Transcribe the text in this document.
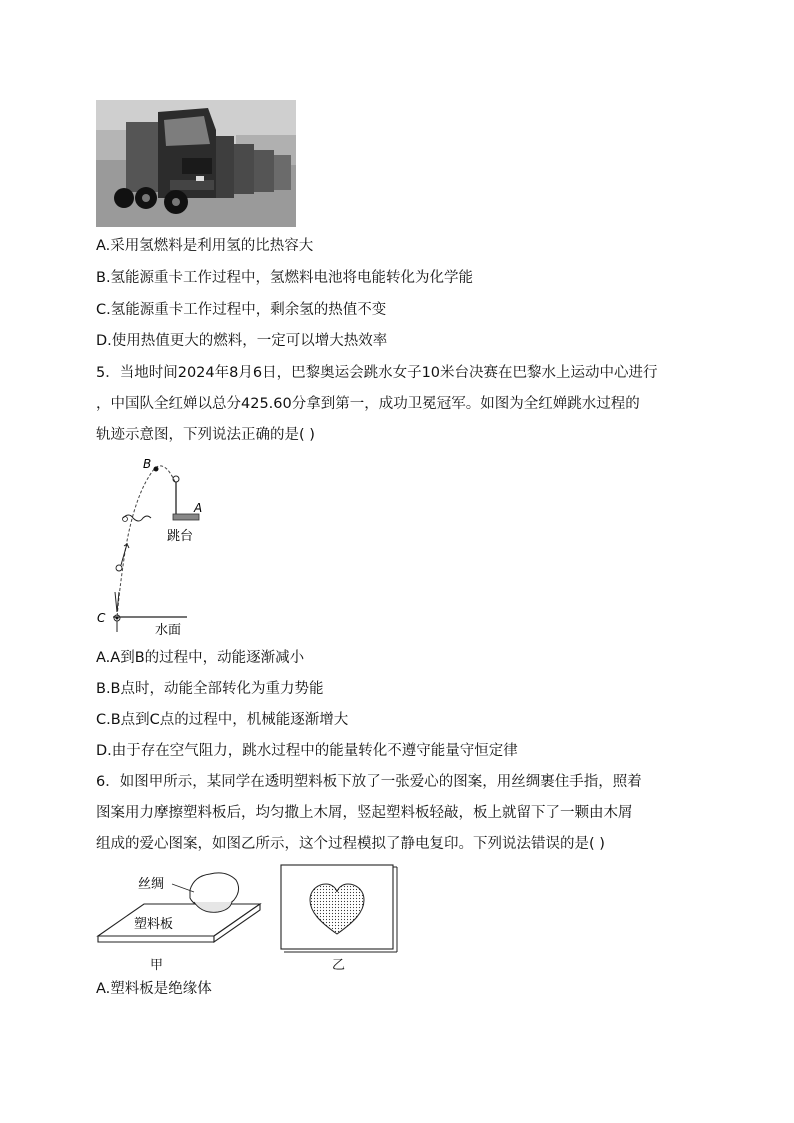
A.采用氢燃料是利用氢的比热容大
B.氢能源重卡工作过程中，氢燃料电池将电能转化为化学能
C.氢能源重卡工作过程中，剩余氢的热值不变
D.使用热值更大的燃料，一定可以增大热效率
5．当地时间2024年8月6日，巴黎奥运会跳水女子10米台决赛在巴黎水上运动中心进行
，中国队全红婵以总分425.60分拿到第一，成功卫冕冠军。如图为全红婵跳水过程的
轨迹示意图，下列说法正确的是( )
B
A
跳台
C
水面
A.A到B的过程中，动能逐渐减小
B.B点时，动能全部转化为重力势能
C.B点到C点的过程中，机械能逐渐增大
D.由于存在空气阻力，跳水过程中的能量转化不遵守能量守恒定律
6．如图甲所示，某同学在透明塑料板下放了一张爱心的图案，用丝绸裹住手指，照着
图案用力摩擦塑料板后，均匀撒上木屑，竖起塑料板轻敲，板上就留下了一颗由木屑
组成的爱心图案，如图乙所示，这个过程模拟了静电复印。下列说法错误的是( )
塑料板
丝绸
甲	乙
A.塑料板是绝缘体
